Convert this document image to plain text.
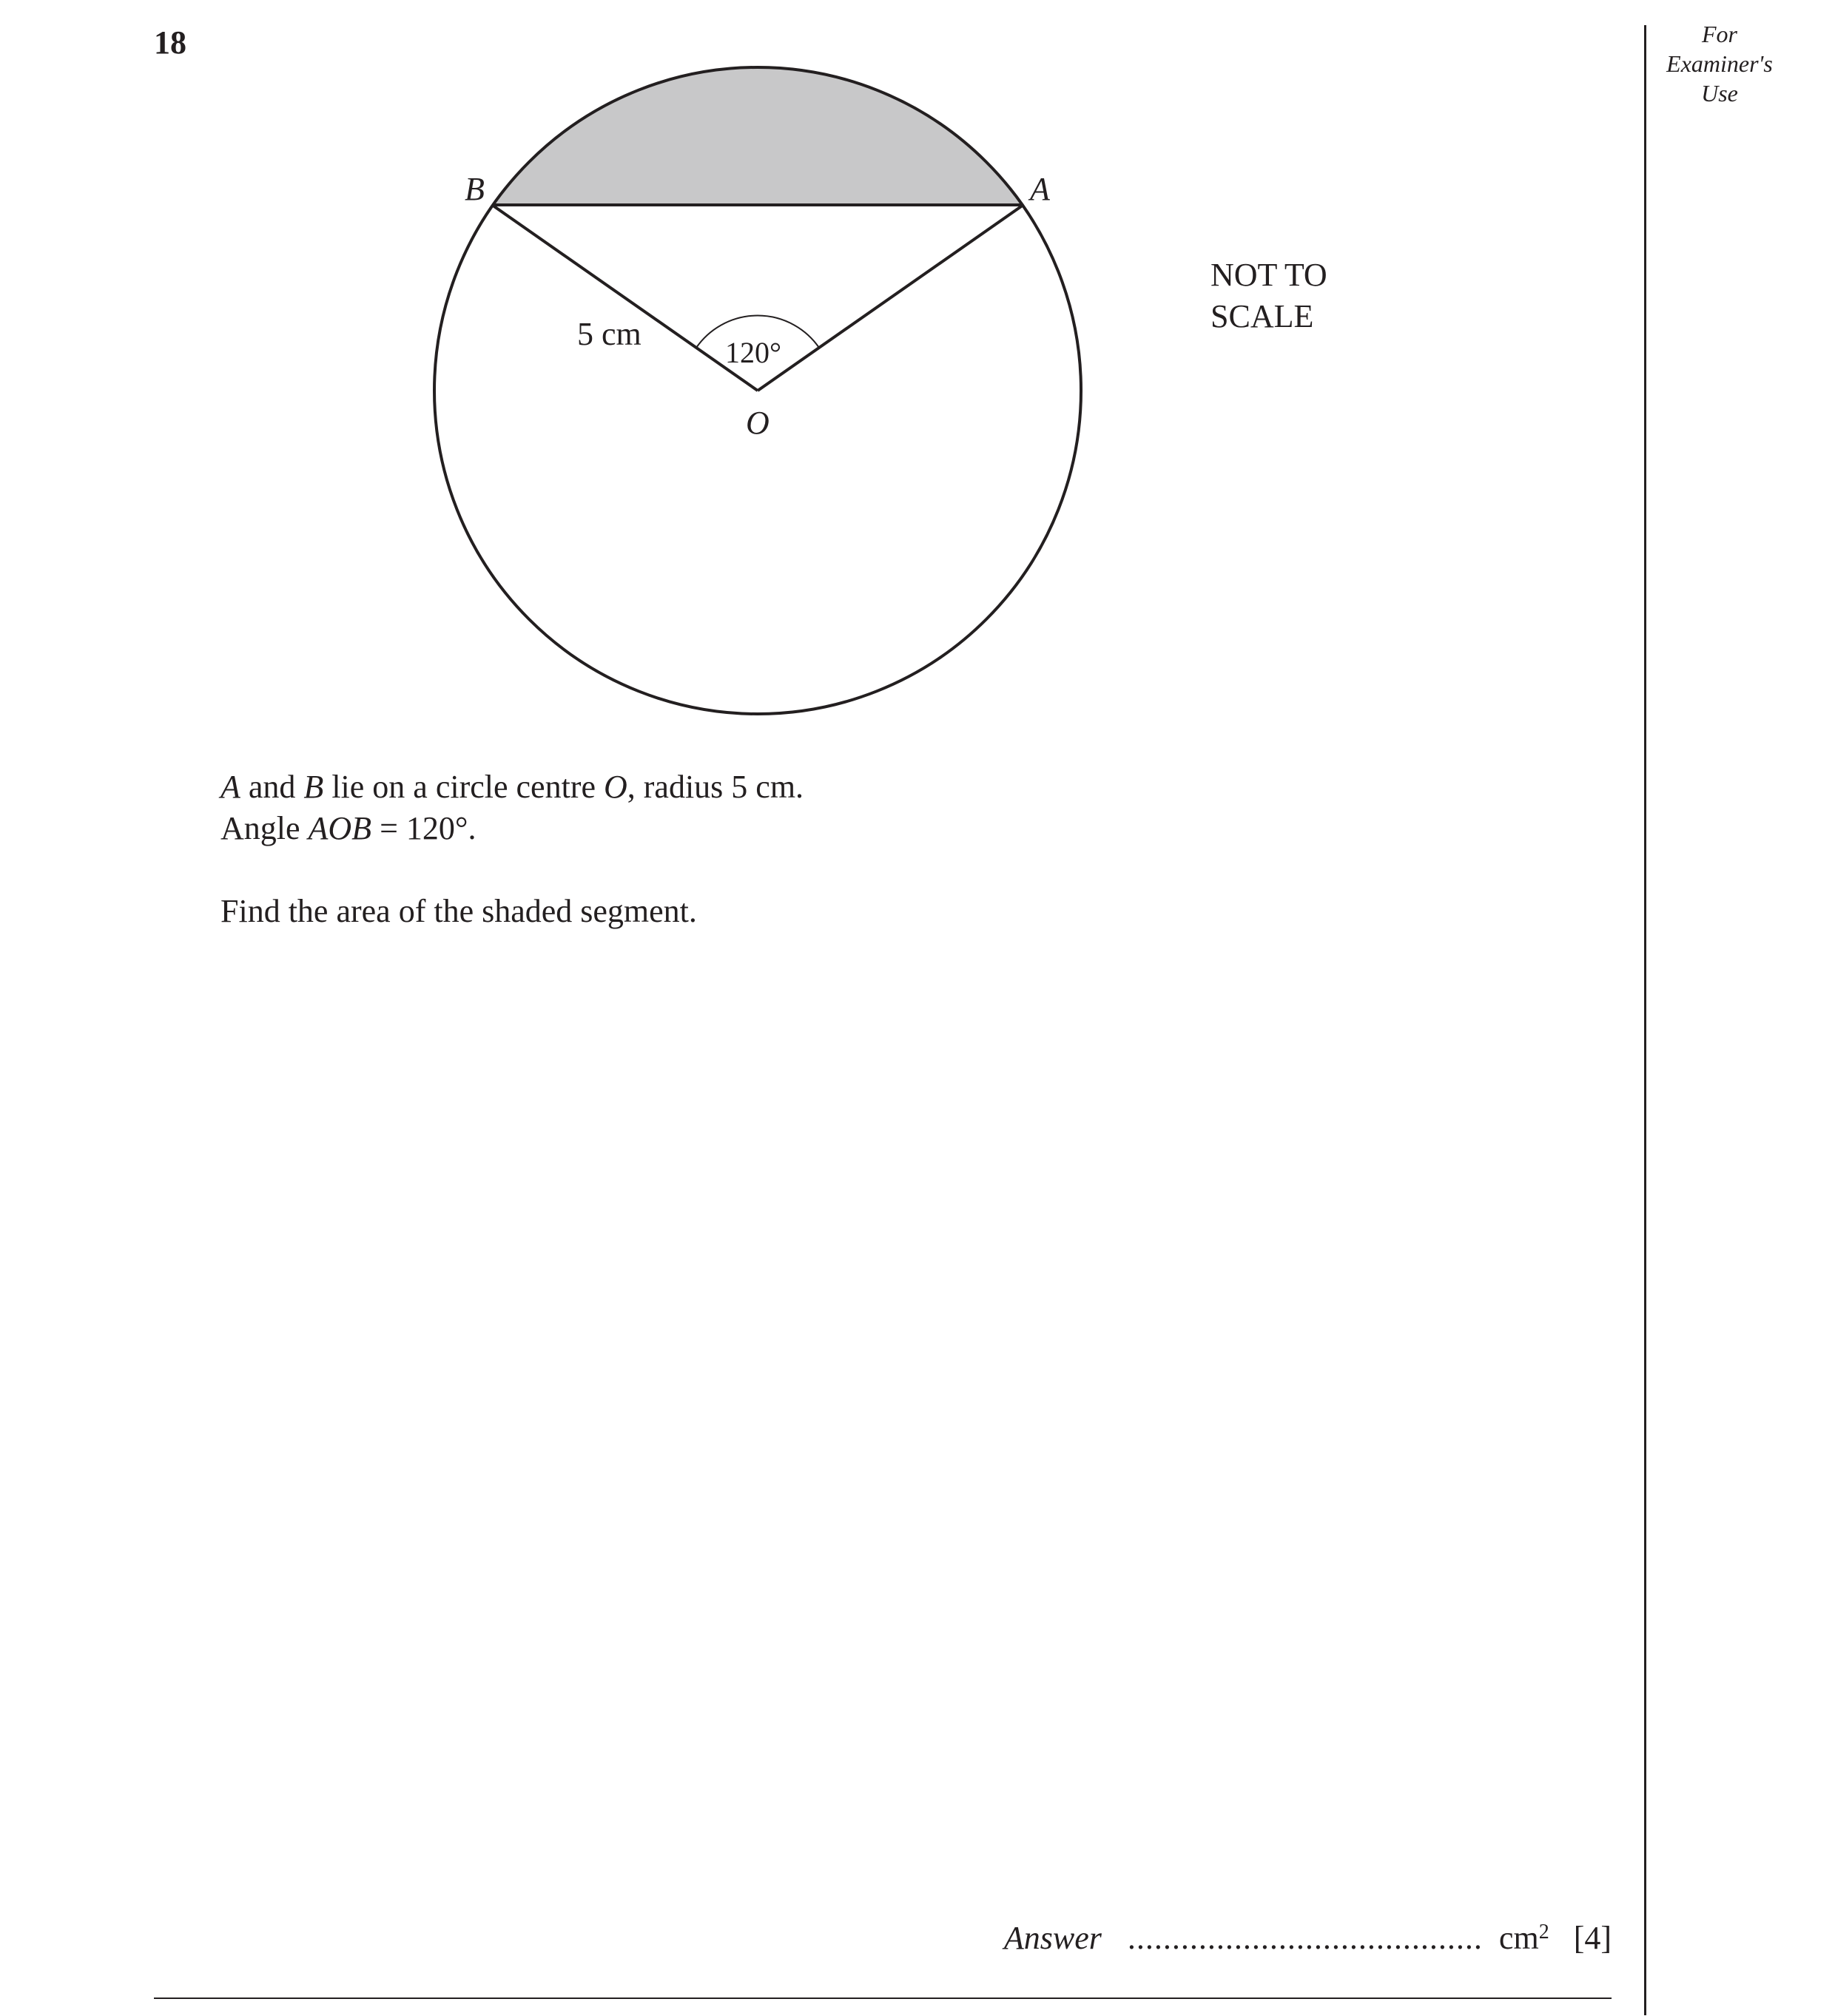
18	For
Examiner's
Use
B	A
O
5 cm
120°
NOT TO
SCALE
A and B lie on a circle centre O, radius 5 cm.
Angle AOB = 120°.
Find the area of the shaded segment.
Answer ........................................ $cm^2$ [4]
